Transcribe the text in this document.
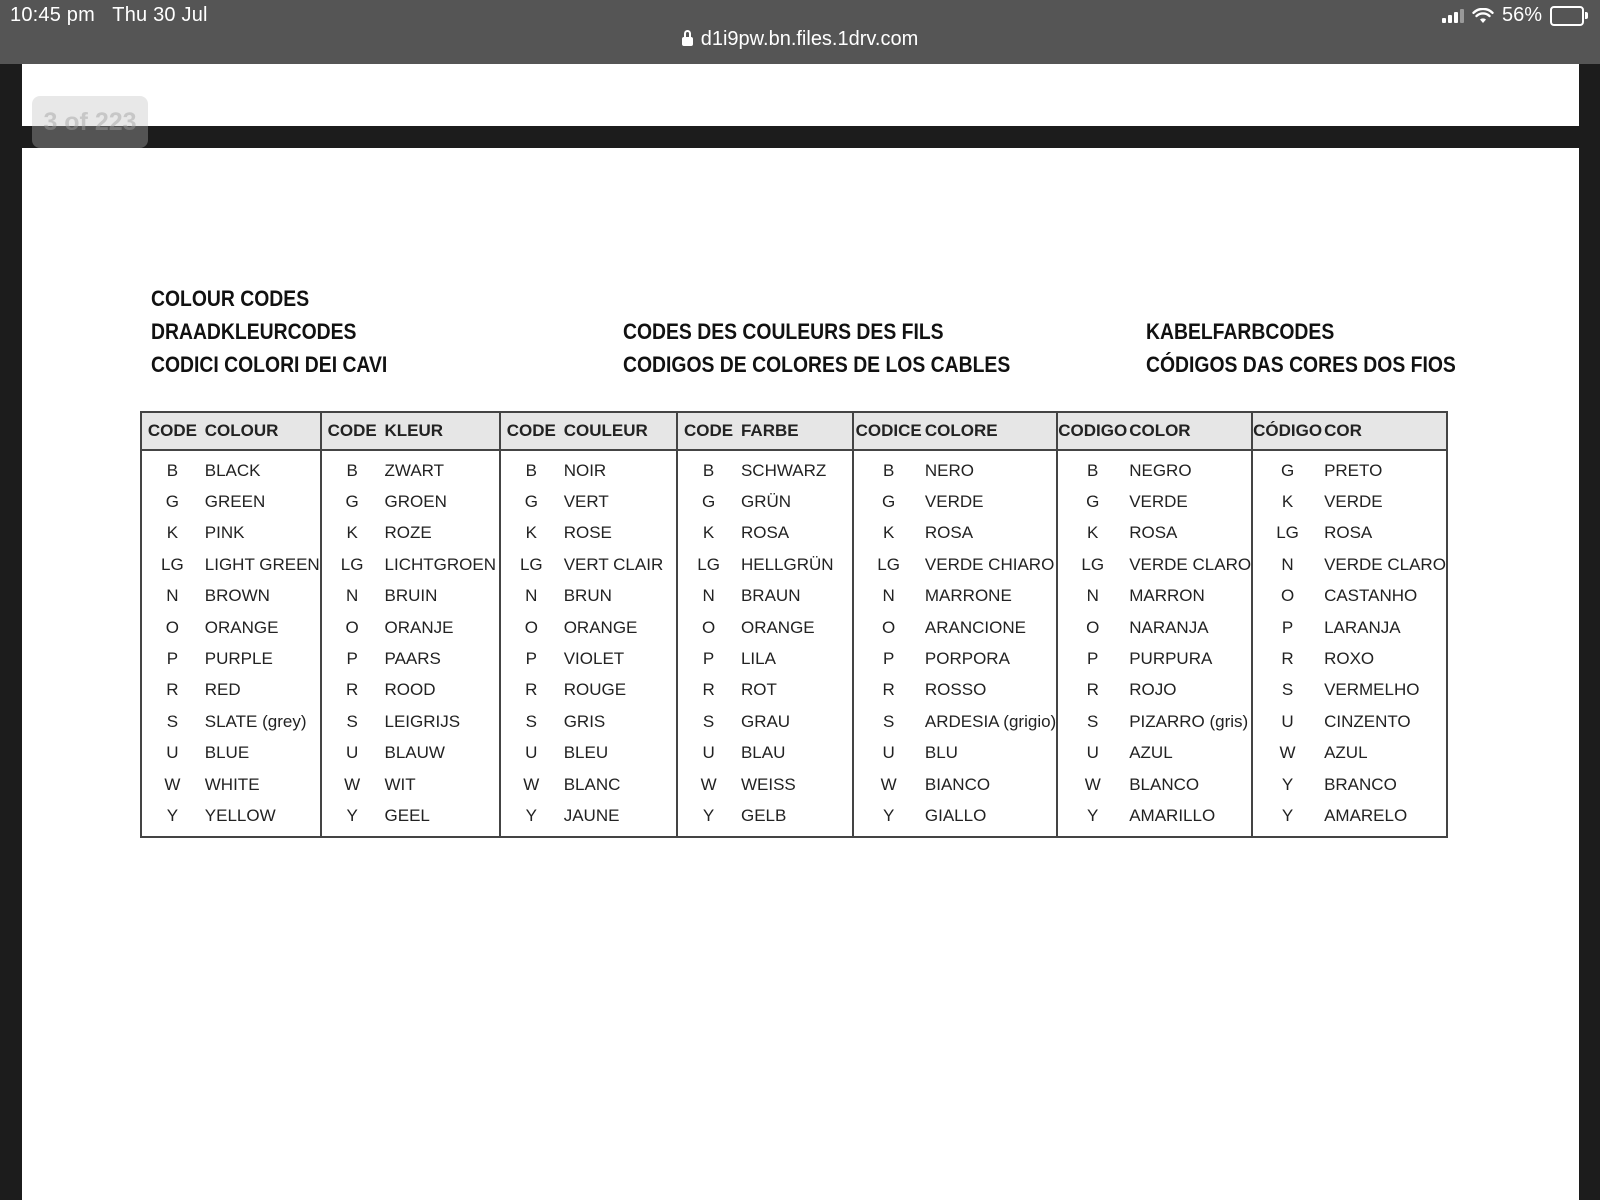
10:45 pm Thu 30 Jul	56%
d1i9pw.bn.files.1drv.com
3 of 223
COLOUR CODES
DRAADKLEURCODES	CODES DES COULEURS DES FILS	KABELFARBCODES
CODICI COLORI DEI CAVI	CODIGOS DE COLORES DE LOS CABLES	CÓDIGOS DAS CORES DOS FIOS
CODE	COLOUR	CODE	KLEUR	CODE	COULEUR	CODE	FARBE	CODICE	COLORE	CODIGO	COLOR	CÓDIGO	COR
B	BLACK	B	ZWART	B	NOIR	B	SCHWARZ	B	NERO	B	NEGRO	G	PRETO
G	GREEN	G	GROEN	G	VERT	G	GRÜN	G	VERDE	G	VERDE	K	VERDE
K	PINK	K	ROZE	K	ROSE	K	ROSA	K	ROSA	K	ROSA	LG	ROSA
LG	LIGHT GREEN	LG	LICHTGROEN	LG	VERT CLAIR	LG	HELLGRÜN	LG	VERDE CHIARO	LG	VERDE CLARO	N	VERDE CLARO
N	BROWN	N	BRUIN	N	BRUN	N	BRAUN	N	MARRONE	N	MARRON	O	CASTANHO
O	ORANGE	O	ORANJE	O	ORANGE	O	ORANGE	O	ARANCIONE	O	NARANJA	P	LARANJA
P	PURPLE	P	PAARS	P	VIOLET	P	LILA	P	PORPORA	P	PURPURA	R	ROXO
R	RED	R	ROOD	R	ROUGE	R	ROT	R	ROSSO	R	ROJO	S	VERMELHO
S	SLATE (grey)	S	LEIGRIJS	S	GRIS	S	GRAU	S	ARDESIA (grigio)	S	PIZARRO (gris)	U	CINZENTO
U	BLUE	U	BLAUW	U	BLEU	U	BLAU	U	BLU	U	AZUL	W	AZUL
W	WHITE	W	WIT	W	BLANC	W	WEISS	W	BIANCO	W	BLANCO	Y	BRANCO
Y	YELLOW	Y	GEEL	Y	JAUNE	Y	GELB	Y	GIALLO	Y	AMARILLO	Y	AMARELO
